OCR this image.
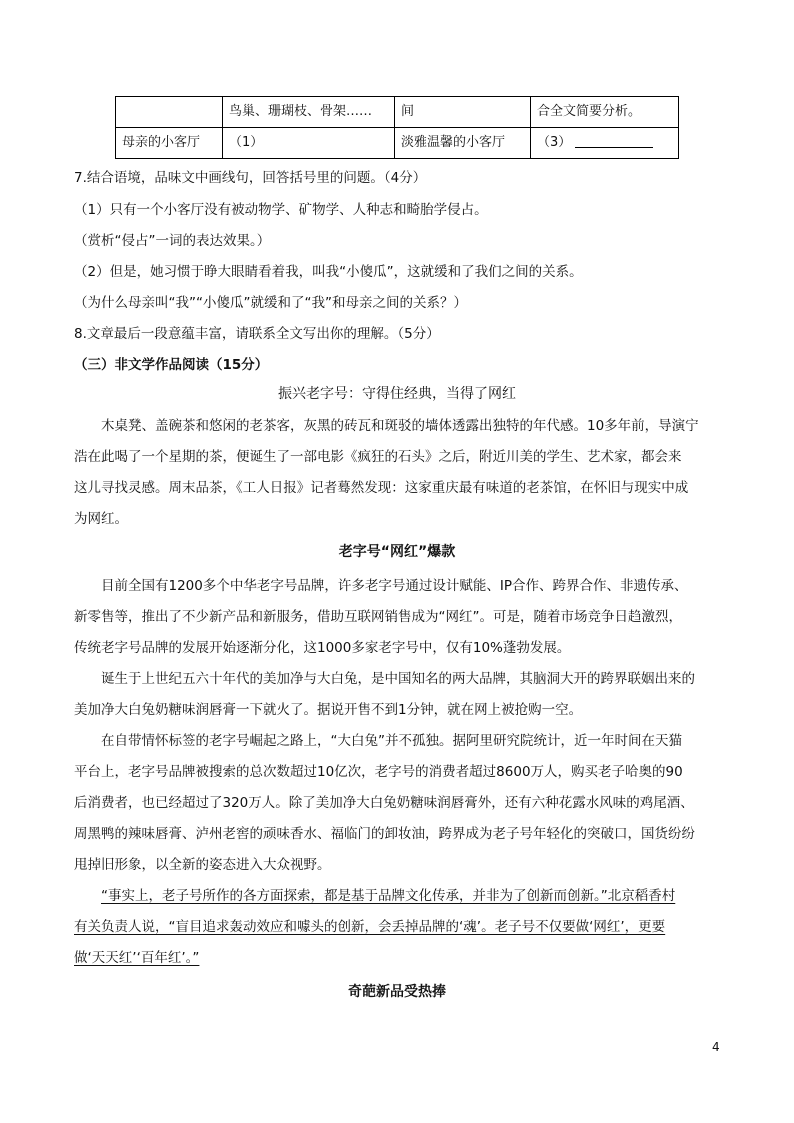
	鸟巢、珊瑚枝、骨架……	间	合全文简要分析。
母亲的小客厅	（1）	淡雅温馨的小客厅	（3）
7.结合语境，品味文中画线句，回答括号里的问题。（4分）
（1）只有一个小客厅没有被动物学、矿物学、人种志和畸胎学侵占。
（赏析“侵占”一词的表达效果。）
（2）但是，她习惯于睁大眼睛看着我，叫我“小傻瓜”，这就缓和了我们之间的关系。
（为什么母亲叫“我”“小傻瓜”就缓和了“我”和母亲之间的关系？）
8.文章最后一段意蕴丰富，请联系全文写出你的理解。（5分）
（三）非文学作品阅读（15分）
振兴老字号：守得住经典，当得了网红

木桌凳、盖碗茶和悠闲的老茶客，灰黑的砖瓦和斑驳的墙体透露出独特的年代感。10多年前，导演宁

浩在此喝了一个星期的茶，便诞生了一部电影《疯狂的石头》之后，附近川美的学生、艺术家，都会来

这儿寻找灵感。周末品茶，《工人日报》记者蓦然发现：这家重庆最有味道的老茶馆，在怀旧与现实中成

为网红。

老字号“网红”爆款

目前全国有1200多个中华老字号品牌，许多老字号通过设计赋能、IP合作、跨界合作、非遗传承、

新零售等，推出了不少新产品和新服务，借助互联网销售成为“网红”。可是，随着市场竞争日趋激烈，

传统老字号品牌的发展开始逐渐分化，这1000多家老字号中，仅有10%蓬勃发展。

诞生于上世纪五六十年代的美加净与大白兔，是中国知名的两大品牌，其脑洞大开的跨界联姻出来的

美加净大白兔奶糖味润唇膏一下就火了。据说开售不到1分钟，就在网上被抢购一空。

在自带情怀标签的老字号崛起之路上，“大白兔”并不孤独。据阿里研究院统计，近一年时间在天猫

平台上，老字号品牌被搜索的总次数超过10亿次，老字号的消费者超过8600万人，购买老子哈奥的90

后消费者，也已经超过了320万人。除了美加净大白兔奶糖味润唇膏外，还有六种花露水风味的鸡尾酒、

周黑鸭的辣味唇膏、泸州老窖的顽味香水、福临门的卸妆油，跨界成为老子号年轻化的突破口，国货纷纷

甩掉旧形象，以全新的姿态进入大众视野。

“事实上，老子号所作的各方面探索，都是基于品牌文化传承，并非为了创新而创新。”北京稻香村

有关负责人说，“盲目追求轰动效应和噱头的创新，会丢掉品牌的‘魂’。老子号不仅要做‘网红’，更要

做‘天天红’‘百年红’。”

奇葩新品受热捧
4
